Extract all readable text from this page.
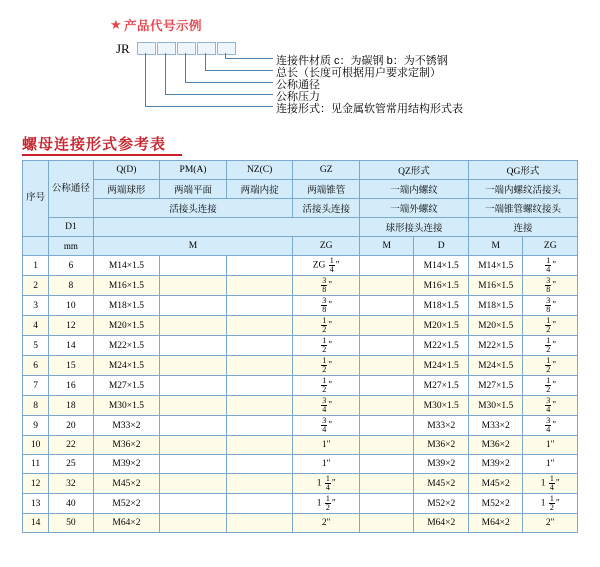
★ 产品代号示例
JR
连接件材质 c：为碳钢 b：为不锈钢
总长（长度可根据用户要求定制）
公称通径
公称压力
连接形式：见金属软管常用结构形式表
螺母连接形式参考表
序号	公称通径	Q(D)	PM(A)	NZ(C)	GZ	QZ形式		QG形式	
		两端球形	两端平面	两端内掟	两端锥管	一端内螺纹		一端内螺纹活接头	
		活接头连接			活接头连接	一端外螺纹		一端锥管螺纹接头	
	D1					球形接头连接		连接	
	mm	M			ZG	M	D	M	ZG
1	6	M14×1.5			ZG $\frac{1}{4}$ "		M14×1.5	M14×1.5	$\frac{1}{4}$ "
2	8	M16×1.5			$\frac{3}{8}$ "		M16×1.5	M16×1.5	$\frac{3}{8}$ "
3	10	M18×1.5			$\frac{3}{8}$ "		M18×1.5	M18×1.5	$\frac{3}{8}$ "
4	12	M20×1.5			$\frac{1}{2}$ "		M20×1.5	M20×1.5	$\frac{1}{2}$ "
5	14	M22×1.5			$\frac{1}{2}$ "		M22×1.5	M22×1.5	$\frac{1}{2}$ "
6	15	M24×1.5			$\frac{1}{2}$ "		M24×1.5	M24×1.5	$\frac{1}{2}$ "
7	16	M27×1.5			$\frac{1}{2}$ "		M27×1.5	M27×1.5	$\frac{1}{2}$ "
8	18	M30×1.5			$\frac{3}{4}$ "		M30×1.5	M30×1.5	$\frac{3}{4}$ "
9	20	M33×2			$\frac{3}{4}$ "		M33×2	M33×2	$\frac{3}{4}$ "
10	22	M36×2			1"		M36×2	M36×2	1"
11	25	M39×2			1"		M39×2	M39×2	1"
12	32	M45×2			$1 \frac{1}{4}$ "		M45×2	M45×2	$1 \frac{1}{4}$ "
13	40	M52×2			$1 \frac{1}{2}$ "		M52×2	M52×2	$1 \frac{1}{2}$ "
14	50	M64×2			2"		M64×2	M64×2	2"
